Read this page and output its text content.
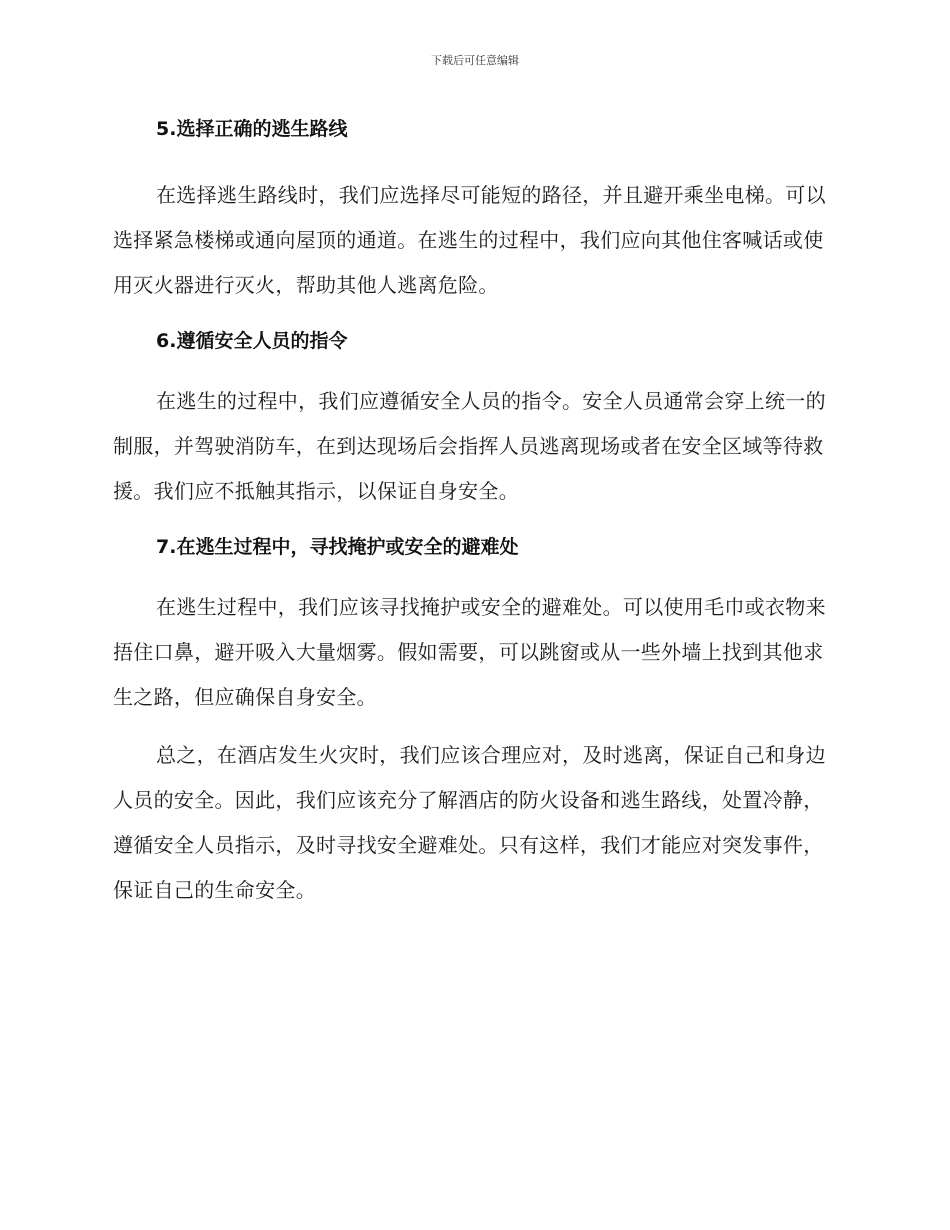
下载后可任意编辑
5.选择正确的逃生路线

在选择逃生路线时，我们应选择尽可能短的路径，并且避开乘坐电梯。可以选择紧急楼梯或通向屋顶的通道。在逃生的过程中，我们应向其他住客喊话或使用灭火器进行灭火，帮助其他人逃离危险。

6.遵循安全人员的指令

在逃生的过程中，我们应遵循安全人员的指令。安全人员通常会穿上统一的制服，并驾驶消防车，在到达现场后会指挥人员逃离现场或者在安全区域等待救援。我们应不抵触其指示，以保证自身安全。

7.在逃生过程中，寻找掩护或安全的避难处

在逃生过程中，我们应该寻找掩护或安全的避难处。可以使用毛巾或衣物来捂住口鼻，避开吸入大量烟雾。假如需要，可以跳窗或从一些外墙上找到其他求生之路，但应确保自身安全。

总之，在酒店发生火灾时，我们应该合理应对，及时逃离，保证自己和身边人员的安全。因此，我们应该充分了解酒店的防火设备和逃生路线，处置冷静，遵循安全人员指示，及时寻找安全避难处。只有这样，我们才能应对突发事件，保证自己的生命安全。
